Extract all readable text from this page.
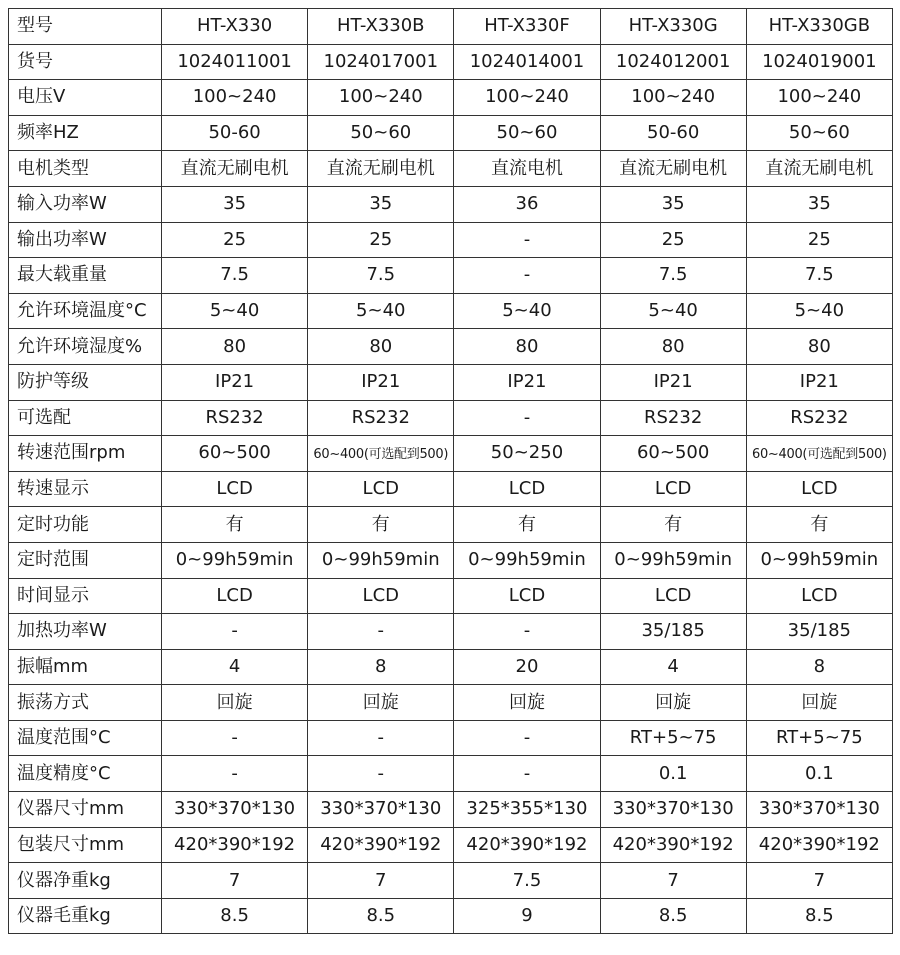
型号	HT-X330	HT-X330B	HT-X330F	HT-X330G	HT-X330GB
货号	1024011001	1024017001	1024014001	1024012001	1024019001
电压V	100~240	100~240	100~240	100~240	100~240
频率HZ	50-60	50~60	50~60	50-60	50~60
电机类型	直流无刷电机	直流无刷电机	直流电机	直流无刷电机	直流无刷电机
输入功率W	35	35	36	35	35
输出功率W	25	25	-	25	25
最大载重量	7.5	7.5	-	7.5	7.5
允许环境温度°C	5~40	5~40	5~40	5~40	5~40
允许环境湿度%	80	80	80	80	80
防护等级	IP21	IP21	IP21	IP21	IP21
可选配	RS232	RS232	-	RS232	RS232
转速范围rpm	60~500	60~400(可选配到500)	50~250	60~500	60~400(可选配到500)
转速显示	LCD	LCD	LCD	LCD	LCD
定时功能	有	有	有	有	有
定时范围	0~99h59min	0~99h59min	0~99h59min	0~99h59min	0~99h59min
时间显示	LCD	LCD	LCD	LCD	LCD
加热功率W	-	-	-	35/185	35/185
振幅mm	4	8	20	4	8
振荡方式	回旋	回旋	回旋	回旋	回旋
温度范围°C	-	-	-	RT+5~75	RT+5~75
温度精度°C	-	-	-	0.1	0.1
仪器尺寸mm	330*370*130	330*370*130	325*355*130	330*370*130	330*370*130
包装尺寸mm	420*390*192	420*390*192	420*390*192	420*390*192	420*390*192
仪器净重kg	7	7	7.5	7	7
仪器毛重kg	8.5	8.5	9	8.5	8.5
